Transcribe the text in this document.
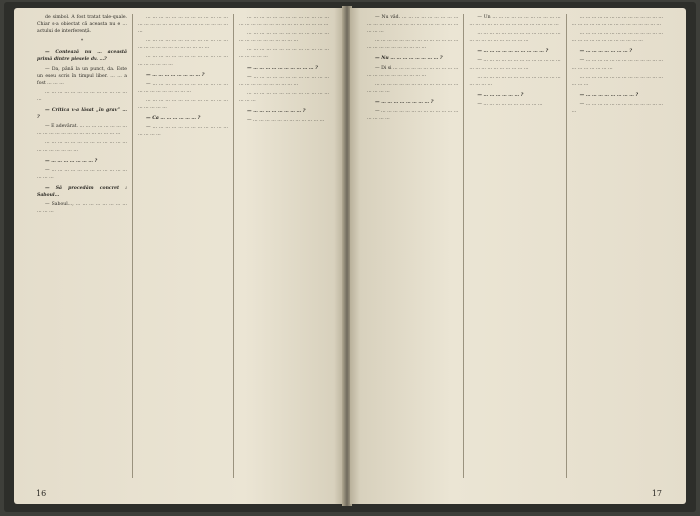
de simbol. A fost tratat tale-quale. Chiar s-a obiectat că aceasta nu e … actului de interferență.

*

— Contează nu … această primă dintre piesele dv. …?

— Da, până la un punct, da. Este un eseu scris în timpul liber. … … a fost … … …

… … … … … … … … … … … … … …

— Critica v-a lăsat „în grav” … ?

— E adevărat. … … … … … … … … … … … … … … … … … … … … … …

… … … … … … … … … … … … … … … … … … … …

— … … … … … … … ?

— … … … … … … … … … … … … … … …

— Să procedăm concret : Saboul…

— Saboul…, … … … … … … … … … … …

… … … … … … … … … … … … … … … … … … … … … … … … … … … … …

… … … … … … … … … … … … … … … … … … … … … … … … …

… … … … … … … … … … … … … … … … … … …

— … … … … … … … … ?

— … … … … … … … … … … … … … … … … … … … … …

… … … … … … … … … … … … … … … … … …

— Ca … … … … … … ?

— … … … … … … … … … … … … … … … …

… … … … … … … … … … … … … … … … … … … … … … … … … … … …

… … … … … … … … … … … … … … … … … … … … … … …

… … … … … … … … … … … … … … … … … …

— … … … … … … … … … … ?

— … … … … … … … … … … … … … … … … … … … … … …

… … … … … … … … … … … … … … … …

— … … … … … … … … ?

— … … … … … … … … … … … …

16

— Nu văd. … … … … … … … … … … … … … … … … … … … … … … … … … … …

… … … … … … … … … … … … … … … … … … … … … … … …

— Nu … … … … … … … … ?

— Di si … … … … … … … … … … … … … … … … … … … … …

… … … … … … … … … … … … … … … … … …

— … … … … … … … … ?

— … … … … … … … … … … … … … … … … …

— Un … … … … … … … … … … … … … … … … … … … … … … … … … …

… … … … … … … … … … … … … … … … … … … … … … … …

— … … … … … … … … … … ?

— … … … … … … … … … … … … … … … … … … … … … … …

… … … … … … … … … … … … … … … … … …

— … … … … … … ?

— … … … … … … … … … …

… … … … … … … … … … … … … … … … … … … … … … … … … … … … …

… … … … … … … … … … … … … … … … … … … … … … … … … …

— … … … … … … … ?

— … … … … … … … … … … … … … … … … … … … …

… … … … … … … … … … … … … … … … …

— … … … … … … … … ?

— … … … … … … … … … … … … … …

17
